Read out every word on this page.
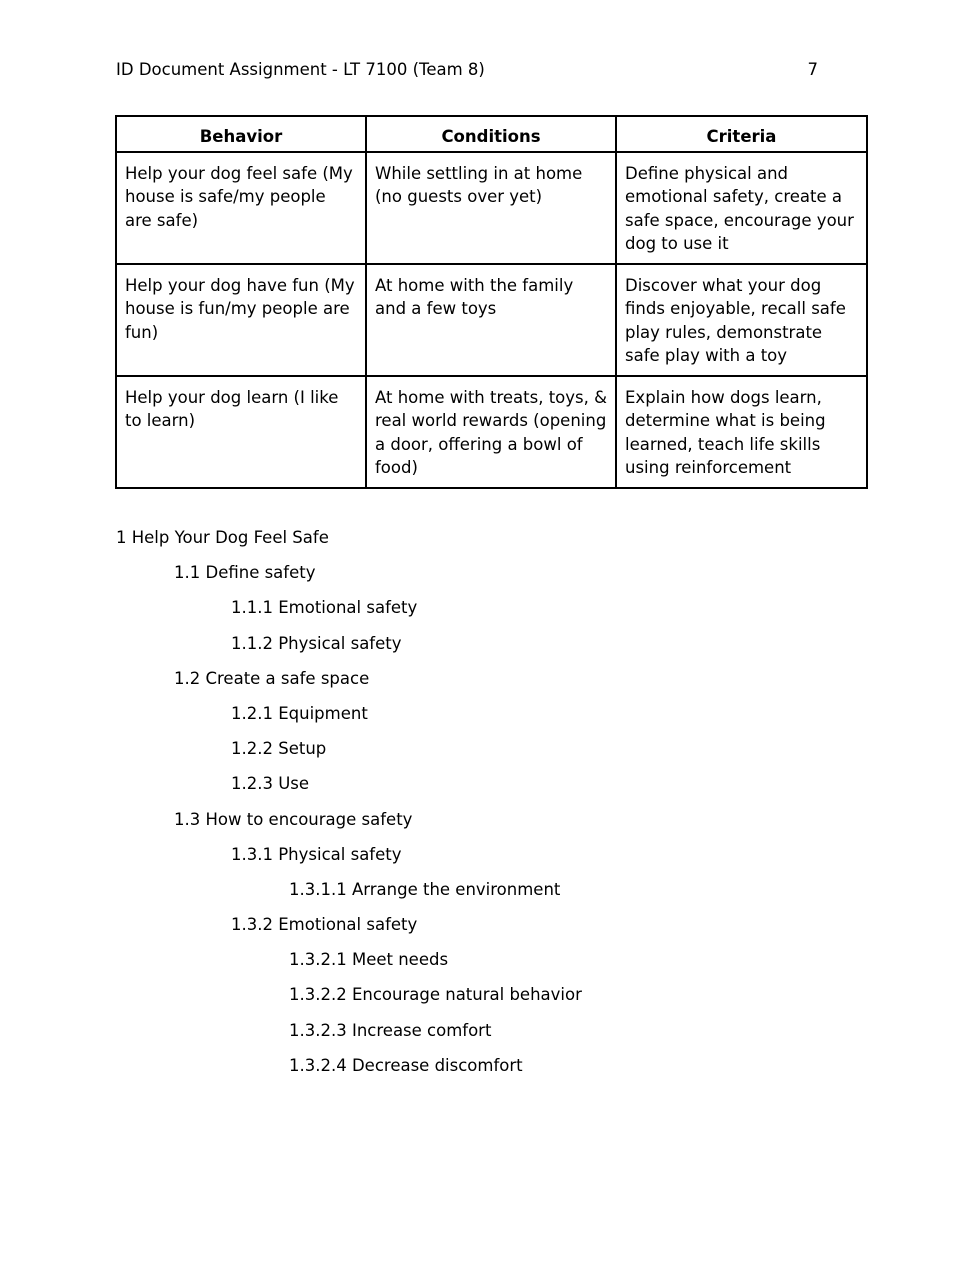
ID Document Assignment - LT 7100 (Team 8)	7
Behavior	Conditions	Criteria
Help your dog feel safe (My house is safe/my people are safe)	While settling in at home (no guests over yet)	Define physical and emotional safety, create a safe space, encourage your dog to use it
Help your dog have fun (My house is fun/my people are fun)	At home with the family and a few toys	Discover what your dog finds enjoyable, recall safe play rules, demonstrate safe play with a toy
Help your dog learn (I like to learn)	At home with treats, toys, & real world rewards (opening a door, offering a bowl of food)	Explain how dogs learn, determine what is being learned, teach life skills using reinforcement
1 Help Your Dog Feel Safe
1.1 Define safety
1.1.1 Emotional safety
1.1.2 Physical safety
1.2 Create a safe space
1.2.1 Equipment
1.2.2 Setup
1.2.3 Use
1.3 How to encourage safety
1.3.1 Physical safety
1.3.1.1 Arrange the environment
1.3.2 Emotional safety
1.3.2.1 Meet needs
1.3.2.2 Encourage natural behavior
1.3.2.3 Increase comfort
1.3.2.4 Decrease discomfort
